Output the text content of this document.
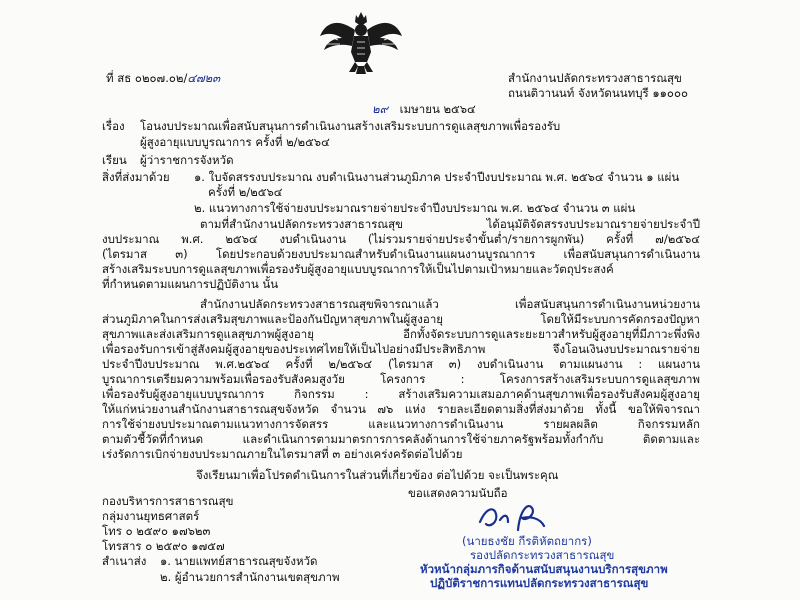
ที่ สธ ๐๒๐๗.๐๒/๔๗๒๓	สำนักงานปลัดกระทรวงสาธารณสุข
ถนนติวานนท์ จังหวัดนนทบุรี ๑๑๐๐๐
๒๙ เมษายน ๒๕๖๔
เรื่อง โอนงบประมาณเพื่อสนับสนุนการดำเนินงานสร้างเสริมระบบการดูแลสุขภาพเพื่อรองรับ
ผู้สูงอายุแบบบูรณาการ ครั้งที่ ๒/๒๕๖๔
เรียน ผู้ว่าราชการจังหวัด
สิ่งที่ส่งมาด้วย ๑. ใบจัดสรรงบประมาณ งบดำเนินงานส่วนภูมิภาค ประจำปีงบประมาณ พ.ศ. ๒๕๖๔ จำนวน ๑ แผ่น
ครั้งที่ ๒/๒๕๖๔
๒. แนวทางการใช้จ่ายงบประมาณรายจ่ายประจำปีงบประมาณ พ.ศ. ๒๕๖๔ จำนวน ๓ แผ่น
ตามที่สำนักงานปลัดกระทรวงสาธารณสุข ได้อนุมัติจัดสรรงบประมาณรายจ่ายประจำปี
งบประมาณ พ.ศ. ๒๕๖๔ งบดำเนินงาน (ไม่รวมรายจ่ายประจำขั้นต่ำ/รายการผูกพัน) ครั้งที่ ๗/๒๕๖๔
(ไตรมาส ๓) โดยประกอบด้วยงบประมาณสำหรับดำเนินงานแผนงานบูรณาการ เพื่อสนับสนุนการดำเนินงาน
สร้างเสริมระบบการดูแลสุขภาพเพื่อรองรับผู้สูงอายุแบบบูรณาการให้เป็นไปตามเป้าหมายและวัตถุประสงค์
ที่กำหนดตามแผนการปฏิบัติงาน นั้น
สำนักงานปลัดกระทรวงสาธารณสุขพิจารณาแล้ว เพื่อสนับสนุนการดำเนินงานหน่วยงาน
ส่วนภูมิภาคในการส่งเสริมสุขภาพและป้องกันปัญหาสุขภาพในผู้สูงอายุ โดยให้มีระบบการคัดกรองปัญหา
สุขภาพและส่งเสริมการดูแลสุขภาพผู้สูงอายุ อีกทั้งจัดระบบการดูแลระยะยาวสำหรับผู้สูงอายุที่มีภาวะพึ่งพิง
เพื่อรองรับการเข้าสู่สังคมผู้สูงอายุของประเทศไทยให้เป็นไปอย่างมีประสิทธิภาพ จึงโอนเงินงบประมาณรายจ่าย
ประจำปีงบประมาณ พ.ศ.๒๕๖๔ ครั้งที่ ๒/๒๕๖๔ (ไตรมาส ๓) งบดำเนินงาน ตามแผนงาน : แผนงาน
บูรณาการเตรียมความพร้อมเพื่อรองรับสังคมสูงวัย โครงการ : โครงการสร้างเสริมระบบการดูแลสุขภาพ
เพื่อรองรับผู้สูงอายุแบบบูรณาการ กิจกรรม : สร้างเสริมความเสมอภาคด้านสุขภาพเพื่อรองรับสังคมผู้สูงอายุ
ให้แก่หน่วยงานสำนักงานสาธารณสุขจังหวัด จำนวน ๗๖ แห่ง รายละเอียดตามสิ่งที่ส่งมาด้วย ทั้งนี้ ขอให้พิจารณา
การใช้จ่ายงบประมาณตามแนวทางการจัดสรร และแนวทางการดำเนินงาน รายผลผลิต กิจกรรมหลัก
ตามตัวชี้วัดที่กำหนด และดำเนินการตามมาตรการการคลังด้านการใช้จ่ายภาครัฐพร้อมทั้งกำกับ ติดตามและ
เร่งรัดการเบิกจ่ายงบประมาณภายในไตรมาสที่ ๓ อย่างเคร่งครัดต่อไปด้วย
จึงเรียนมาเพื่อโปรดดำเนินการในส่วนที่เกี่ยวข้อง ต่อไปด้วย จะเป็นพระคุณ
ขอแสดงความนับถือ
(นายธงชัย กีรติหัตถยากร)
รองปลัดกระทรวงสาธารณสุข
หัวหน้ากลุ่มภารกิจด้านสนับสนุนงานบริการสุขภาพ
ปฏิบัติราชการแทนปลัดกระทรวงสาธารณสุข
กองบริหารการสาธารณสุข
กลุ่มงานยุทธศาสตร์
โทร ๐ ๒๕๙๐ ๑๗๖๒๓
โทรสาร ๐ ๒๕๙๐ ๑๗๕๗
สำเนาส่ง ๑. นายแพทย์สาธารณสุขจังหวัด
๒. ผู้อำนวยการสำนักงานเขตสุขภาพ
